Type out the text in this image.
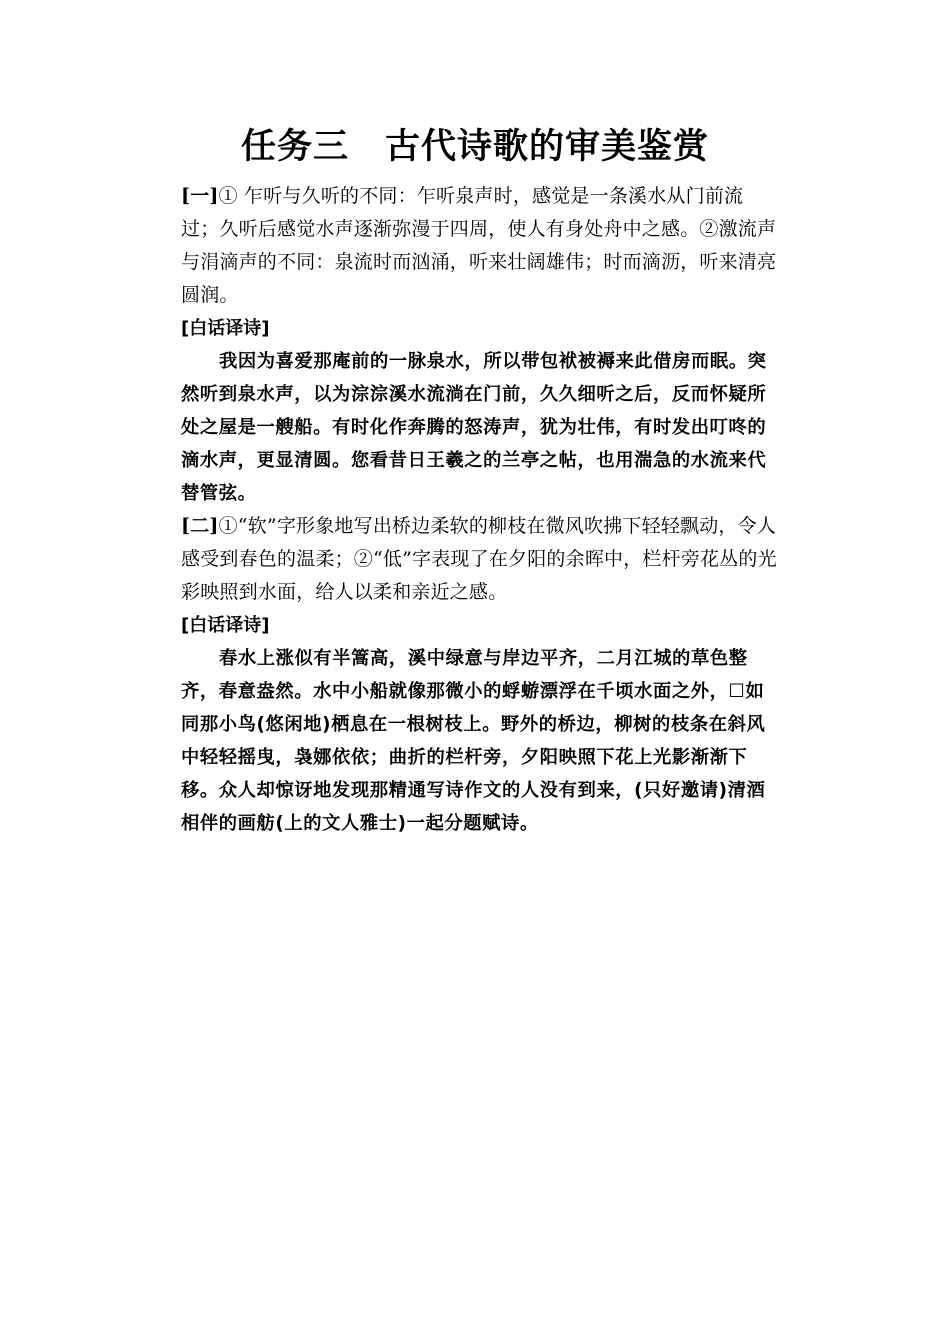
任务三　古代诗歌的审美鉴赏

[一]① 乍听与久听的不同：乍听泉声时，感觉是一条溪水从门前流过；久听后感觉水声逐渐弥漫于四周，使人有身处舟中之感。②激流声与涓滴声的不同：泉流时而汹涌，听来壮阔雄伟；时而滴沥，听来清亮圆润。

[白话译诗]

我因为喜爱那庵前的一脉泉水，所以带包袱被褥来此借房而眠。突然听到泉水声，以为淙淙溪水流淌在门前，久久细听之后，反而怀疑所处之屋是一艘船。有时化作奔腾的怒涛声，犹为壮伟，有时发出叮咚的滴水声，更显清圆。您看昔日王羲之的兰亭之帖，也用湍急的水流来代替管弦。

[二]①“软”字形象地写出桥边柔软的柳枝在微风吹拂下轻轻飘动，令人感受到春色的温柔；②“低”字表现了在夕阳的余晖中，栏杆旁花丛的光彩映照到水面，给人以柔和亲近之感。

[白话译诗]

春水上涨似有半篙高，溪中绿意与岸边平齐，二月江城的草色整齐，春意盎然。水中小船就像那微小的蜉蝣漂浮在千顷水面之外，☐如同那小鸟(悠闲地)栖息在一根树枝上。野外的桥边，柳树的枝条在斜风中轻轻摇曳，袅娜依依；曲折的栏杆旁，夕阳映照下花上光影渐渐下移。众人却惊讶地发现那精通写诗作文的人没有到来，(只好邀请)清酒相伴的画舫(上的文人雅士)一起分题赋诗。
